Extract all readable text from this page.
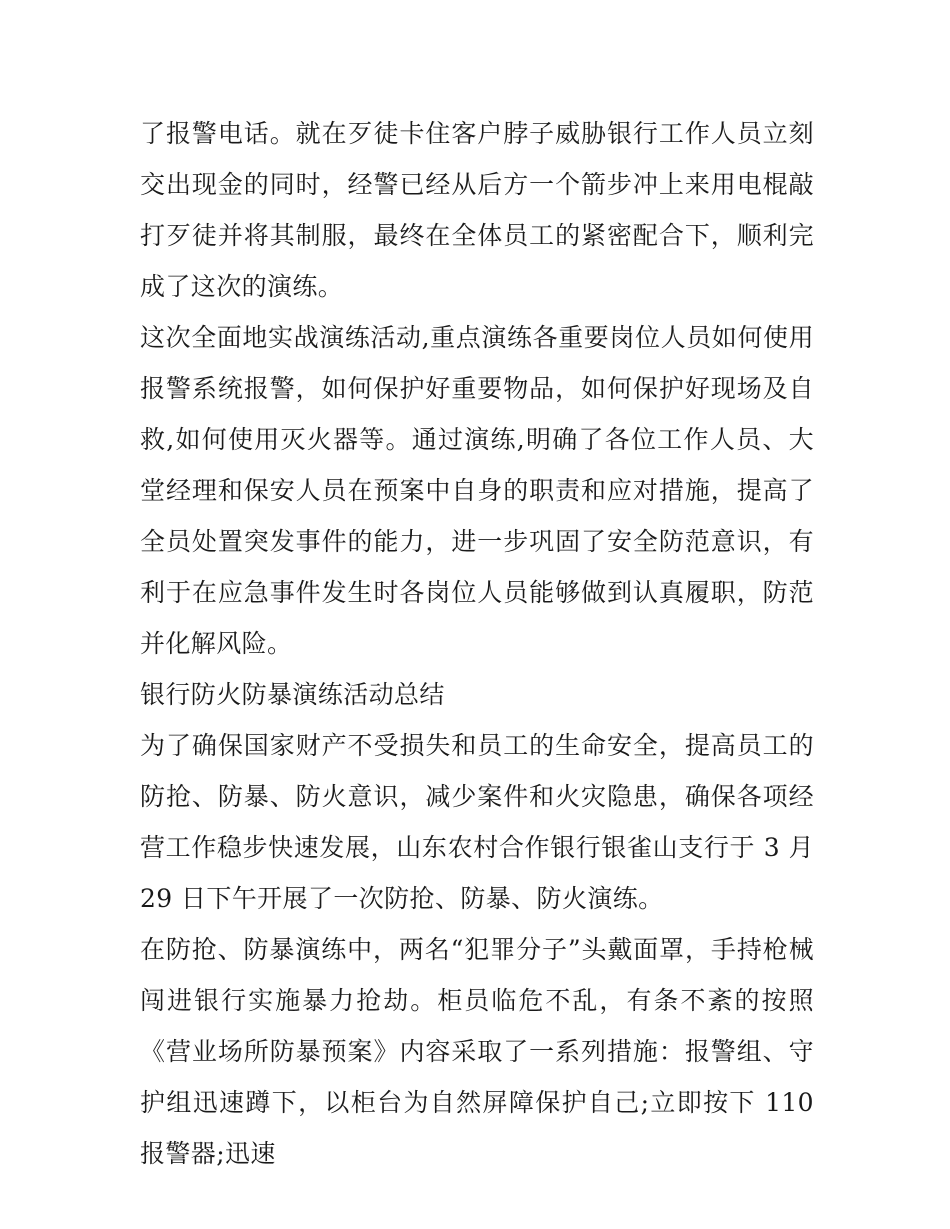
了报警电话。就在歹徒卡住客户脖子威胁银行工作人员立刻交出现金的同时，经警已经从后方一个箭步冲上来用电棍敲打歹徒并将其制服，最终在全体员工的紧密配合下，顺利完成了这次的演练。

这次全面地实战演练活动,重点演练各重要岗位人员如何使用报警系统报警，如何保护好重要物品，如何保护好现场及自救,如何使用灭火器等。通过演练,明确了各位工作人员、大堂经理和保安人员在预案中自身的职责和应对措施，提高了全员处置突发事件的能力，进一步巩固了安全防范意识，有利于在应急事件发生时各岗位人员能够做到认真履职，防范并化解风险。

银行防火防暴演练活动总结

为了确保国家财产不受损失和员工的生命安全，提高员工的防抢、防暴、防火意识，减少案件和火灾隐患，确保各项经营工作稳步快速发展，山东农村合作银行银雀山支行于 3 月 29 日下午开展了一次防抢、防暴、防火演练。

在防抢、防暴演练中，两名“犯罪分子”头戴面罩，手持枪械闯进银行实施暴力抢劫。柜员临危不乱，有条不紊的按照《营业场所防暴预案》内容采取了一系列措施：报警组、守护组迅速蹲下，以柜台为自然屏障保护自己;立即按下 110 报警器;迅速
